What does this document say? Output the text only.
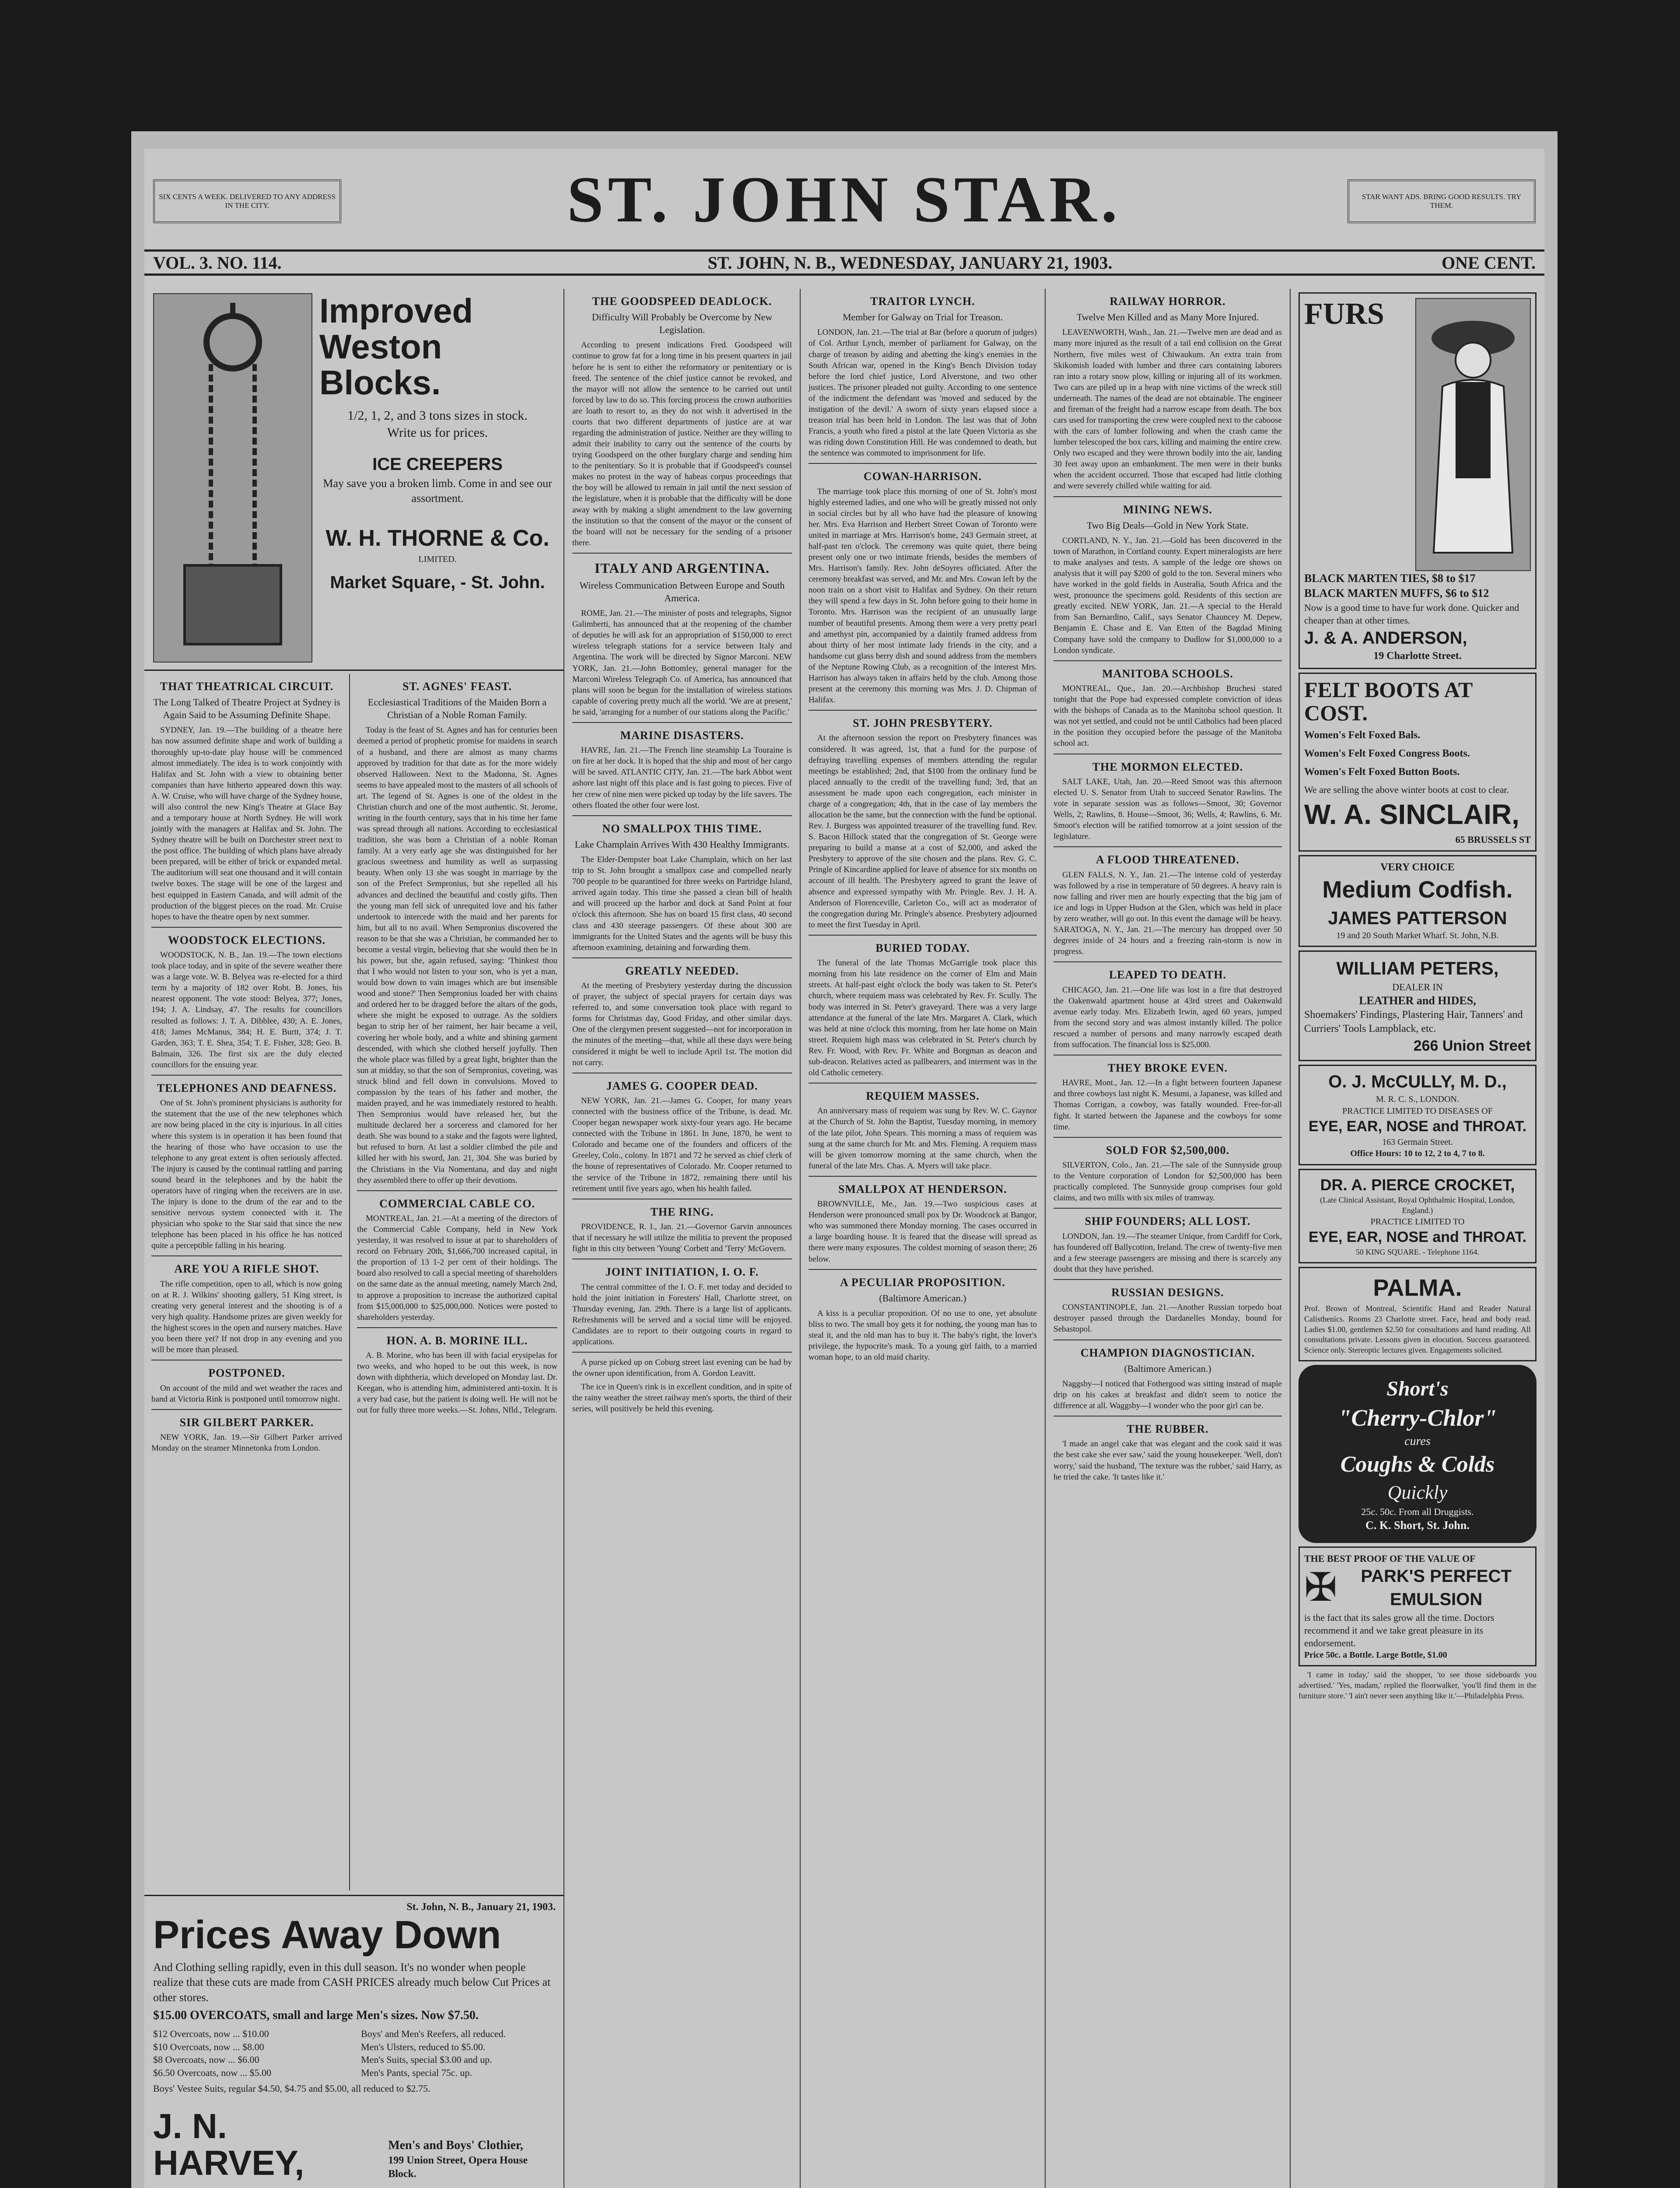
SIX CENTS A WEEK. DELIVERED TO ANY ADDRESS IN THE CITY.	ST. JOHN STAR.	STAR WANT ADS. BRING GOOD RESULTS. TRY THEM.
VOL. 3. NO. 114.	ST. JOHN, N. B., WEDNESDAY, JANUARY 21, 1903.	ONE CENT.
Improved Weston Blocks.
1/2, 1, 2, and 3 tons sizes in stock.
Write us for prices.
ICE CREEPERS
May save you a broken limb. Come in and see our assortment.
W. H. THORNE & Co.
LIMITED.
Market Square, - St. John.
THAT THEATRICAL CIRCUIT.
The Long Talked of Theatre Project at Sydney is Again Said to be Assuming Definite Shape.

SYDNEY, Jan. 19.—The building of a theatre here has now assumed definite shape and work of building a thoroughly up-to-date play house will be commenced almost immediately. The idea is to work conjointly with Halifax and St. John with a view to obtaining better companies than have hitherto appeared down this way. A. W. Cruise, who will have charge of the Sydney house, will also control the new King's Theatre at Glace Bay and a temporary house at North Sydney. He will work jointly with the managers at Halifax and St. John. The Sydney theatre will be built on Dorchester street next to the post office. The building of which plans have already been prepared, will be either of brick or expanded metal. The auditorium will seat one thousand and it will contain twelve boxes. The stage will be one of the largest and best equipped in Eastern Canada, and will admit of the production of the biggest pieces on the road. Mr. Cruise hopes to have the theatre open by next summer.

WOODSTOCK ELECTIONS.

WOODSTOCK, N. B., Jan. 19.—The town elections took place today, and in spite of the severe weather there was a large vote. W. B. Belyea was re-elected for a third term by a majority of 182 over Robt. B. Jones, his nearest opponent. The vote stood: Belyea, 377; Jones, 194; J. A. Lindsay, 47. The results for councillors resulted as follows: J. T. A. Dibblee, 430; A. E. Jones, 418; James McManus, 384; H. E. Burtt, 374; J. T. Garden, 363; T. E. Shea, 354; T. E. Fisher, 328; Geo. B. Balmain, 326. The first six are the duly elected councillors for the ensuing year.

TELEPHONES AND DEAFNESS.

One of St. John's prominent physicians is authority for the statement that the use of the new telephones which are now being placed in the city is injurious. In all cities where this system is in operation it has been found that the hearing of those who have occasion to use the telephone to any great extent is often seriously affected. The injury is caused by the continual rattling and parring sound heard in the telephones and by the habit the operators have of ringing when the receivers are in use. The injury is done to the drum of the ear and to the sensitive nervous system connected with it. The physician who spoke to the Star said that since the new telephone has been placed in his office he has noticed quite a perceptible falling in his hearing.

ARE YOU A RIFLE SHOT.

The rifle competition, open to all, which is now going on at R. J. Wilkins' shooting gallery, 51 King street, is creating very general interest and the shooting is of a very high quality. Handsome prizes are given weekly for the highest scores in the open and nursery matches. Have you been there yet? If not drop in any evening and you will be more than pleased.

POSTPONED.

On account of the mild and wet weather the races and band at Victoria Rink is postponed until tomorrow night.

SIR GILBERT PARKER.

NEW YORK, Jan. 19.—Sir Gilbert Parker arrived Monday on the steamer Minnetonka from London.

ST. AGNES' FEAST.
Ecclesiastical Traditions of the Maiden Born a Christian of a Noble Roman Family.

Today is the feast of St. Agnes and has for centuries been deemed a period of prophetic promise for maidens in search of a husband, and there are almost as many charms approved by tradition for that date as for the more widely observed Halloween. Next to the Madonna, St. Agnes seems to have appealed most to the masters of all schools of art. The legend of St. Agnes is one of the oldest in the Christian church and one of the most authentic. St. Jerome, writing in the fourth century, says that in his time her fame was spread through all nations. According to ecclesiastical tradition, she was born a Christian of a noble Roman family. At a very early age she was distinguished for her gracious sweetness and humility as well as surpassing beauty. When only 13 she was sought in marriage by the son of the Prefect Sempronius, but she repelled all his advances and declined the beautiful and costly gifts. Then the young man fell sick of unrequited love and his father undertook to intercede with the maid and her parents for him, but all to no avail. When Sempronius discovered the reason to be that she was a Christian, he commanded her to become a vestal virgin, believing that she would then be in his power, but she, again refused, saying: 'Thinkest thou that I who would not listen to your son, who is yet a man, would bow down to vain images which are but insensible wood and stone?' Then Sempronius loaded her with chains and ordered her to be dragged before the altars of the gods, where she might be exposed to outrage. As the soldiers began to strip her of her raiment, her hair became a veil, covering her whole body, and a white and shining garment descended, with which she clothed herself joyfully. Then the whole place was filled by a great light, brighter than the sun at midday, so that the son of Sempronius, coveting, was struck blind and fell down in convulsions. Moved to compassion by the tears of his father and mother, the maiden prayed, and he was immediately restored to health. Then Sempronius would have released her, but the multitude declared her a sorceress and clamored for her death. She was bound to a stake and the fagots were lighted, but refused to burn. At last a soldier climbed the pile and killed her with his sword, Jan. 21, 304. She was buried by the Christians in the Via Nomentana, and day and night they assembled there to offer up their devotions.

COMMERCIAL CABLE CO.

MONTREAL, Jan. 21.—At a meeting of the directors of the Commercial Cable Company, held in New York yesterday, it was resolved to issue at par to shareholders of record on February 20th, $1,666,700 increased capital, in the proportion of 13 1-2 per cent of their holdings. The board also resolved to call a special meeting of shareholders on the same date as the annual meeting, namely March 2nd, to approve a proposition to increase the authorized capital from $15,000,000 to $25,000,000. Notices were posted to shareholders yesterday.

HON. A. B. MORINE ILL.

A. B. Morine, who has been ill with facial erysipelas for two weeks, and who hoped to be out this week, is now down with diphtheria, which developed on Monday last. Dr. Keegan, who is attending him, administered anti-toxin. It is a very bad case, but the patient is doing well. He will not be out for fully three more weeks.—St. Johns, Nfld., Telegram.

St. John, N. B., January 21, 1903.
Prices Away Down
And Clothing selling rapidly, even in this dull season. It's no wonder when people realize that these cuts are made from CASH PRICES already much below Cut Prices at other stores.
$15.00 OVERCOATS, small and large Men's sizes. Now $7.50.
$12 Overcoats, now ... $10.00	Boys' and Men's Reefers, all reduced.
$10 Overcoats, now ... $8.00	Men's Ulsters, reduced to $5.00.
$8 Overcoats, now ... $6.00	Men's Suits, special $3.00 and up.
$6.50 Overcoats, now ... $5.00	Men's Pants, special 75c. up.
Boys' Vestee Suits, regular $4.50, $4.75 and $5.00, all reduced to $2.75.
J. N. HARVEY,	Men's and Boys' Clothier,
199 Union Street, Opera House Block.
THE GOODSPEED DEADLOCK.
Difficulty Will Probably be Overcome by New Legislation.

According to present indications Fred. Goodspeed will continue to grow fat for a long time in his present quarters in jail before he is sent to either the reformatory or penitentiary or is freed. The sentence of the chief justice cannot be revoked, and the mayor will not allow the sentence to be carried out until forced by law to do so. This forcing process the crown authorities are loath to resort to, as they do not wish it advertised in the courts that two different departments of justice are at war regarding the administration of justice. Neither are they willing to admit their inability to carry out the sentence of the courts by trying Goodspeed on the other burglary charge and sending him to the penitentiary. So it is probable that if Goodspeed's counsel makes no protest in the way of habeas corpus proceedings that the boy will be allowed to remain in jail until the next session of the legislature, when it is probable that the difficulty will be done away with by making a slight amendment to the law governing the institution so that the consent of the mayor or the consent of the board will not be necessary for the sending of a prisoner there.

ITALY AND ARGENTINA.
Wireless Communication Between Europe and South America.

ROME, Jan. 21.—The minister of posts and telegraphs, Signor Galimberti, has announced that at the reopening of the chamber of deputies he will ask for an appropriation of $150,000 to erect wireless telegraph stations for a service between Italy and Argentina. The work will be directed by Signor Marconi. NEW YORK, Jan. 21.—John Bottomley, general manager for the Marconi Wireless Telegraph Co. of America, has announced that plans will soon be begun for the installation of wireless stations capable of covering pretty much all the world. 'We are at present,' he said, 'arranging for a number of our stations along the Pacific.'

MARINE DISASTERS.

HAVRE, Jan. 21.—The French line steamship La Touraine is on fire at her dock. It is hoped that the ship and most of her cargo will be saved. ATLANTIC CITY, Jan. 21.—The bark Abbot went ashore last night off this place and is fast going to pieces. Five of her crew of nine men were picked up today by the life savers. The others floated the other four were lost.

NO SMALLPOX THIS TIME.
Lake Champlain Arrives With 430 Healthy Immigrants.

The Elder-Dempster boat Lake Champlain, which on her last trip to St. John brought a smallpox case and compelled nearly 700 people to be quarantined for three weeks on Partridge Island, arrived again today. This time she passed a clean bill of health and will proceed up the harbor and dock at Sand Point at four o'clock this afternoon. She has on board 15 first class, 40 second class and 430 steerage passengers. Of these about 300 are immigrants for the United States and the agents will be busy this afternoon examining, detaining and forwarding them.

GREATLY NEEDED.

At the meeting of Presbytery yesterday during the discussion of prayer, the subject of special prayers for certain days was referred to, and some conversation took place with regard to forms for Christmas day, Good Friday, and other similar days. One of the clergymen present suggested—not for incorporation in the minutes of the meeting—that, while all these days were being considered it might be well to include April 1st. The motion did not carry.

JAMES G. COOPER DEAD.

NEW YORK, Jan. 21.—James G. Cooper, for many years connected with the business office of the Tribune, is dead. Mr. Cooper began newspaper work sixty-four years ago. He became connected with the Tribune in 1861. In June, 1870, he went to Colorado and became one of the founders and officers of the Greeley, Colo., colony. In 1871 and 72 he served as chief clerk of the house of representatives of Colorado. Mr. Cooper returned to the service of the Tribune in 1872, remaining there until his retirement until five years ago, when his health failed.

THE RING.

PROVIDENCE, R. I., Jan. 21.—Governor Garvin announces that if necessary he will utilize the militia to prevent the proposed fight in this city between 'Young' Corbett and 'Terry' McGovern.

JOINT INITIATION, I. O. F.

The central committee of the I. O. F. met today and decided to hold the joint initiation in Foresters' Hall, Charlotte street, on Thursday evening, Jan. 29th. There is a large list of applicants. Refreshments will be served and a social time will be enjoyed. Candidates are to report to their outgoing courts in regard to applications.

A purse picked up on Coburg street last evening can be had by the owner upon identification, from A. Gordon Leavitt.

The ice in Queen's rink is in excellent condition, and in spite of the rainy weather the street railway men's sports, the third of their series, will positively be held this evening.

TRAITOR LYNCH.
Member for Galway on Trial for Treason.

LONDON, Jan. 21.—The trial at Bar (before a quorum of judges) of Col. Arthur Lynch, member of parliament for Galway, on the charge of treason by aiding and abetting the king's enemies in the South African war, opened in the King's Bench Division today before the lord chief justice, Lord Alverstone, and two other justices. The prisoner pleaded not guilty. According to one sentence of the indictment the defendant was 'moved and seduced by the instigation of the devil.' A sworn of sixty years elapsed since a treason trial has been held in London. The last was that of John Francis, a youth who fired a pistol at the late Queen Victoria as she was riding down Constitution Hill. He was condemned to death, but the sentence was commuted to imprisonment for life.

COWAN-HARRISON.

The marriage took place this morning of one of St. John's most highly esteemed ladies, and one who will be greatly missed not only in social circles but by all who have had the pleasure of knowing her. Mrs. Eva Harrison and Herbert Street Cowan of Toronto were united in marriage at Mrs. Harrison's home, 243 Germain street, at half-past ten o'clock. The ceremony was quite quiet, there being present only one or two intimate friends, besides the members of Mrs. Harrison's family. Rev. John deSoyres officiated. After the ceremony breakfast was served, and Mr. and Mrs. Cowan left by the noon train on a short visit to Halifax and Sydney. On their return they will spend a few days in St. John before going to their home in Toronto. Mrs. Harrison was the recipient of an unusually large number of beautiful presents. Among them were a very pretty pearl and amethyst pin, accompanied by a daintily framed address from about thirty of her most intimate lady friends in the city, and a handsome cut glass berry dish and sound address from the members of the Neptune Rowing Club, as a recognition of the interest Mrs. Harrison has always taken in affairs held by the club. Among those present at the ceremony this morning was Mrs. J. D. Chipman of Halifax.

ST. JOHN PRESBYTERY.

At the afternoon session the report on Presbytery finances was considered. It was agreed, 1st, that a fund for the purpose of defraying travelling expenses of members attending the regular meetings be established; 2nd, that $100 from the ordinary fund be placed annually to the credit of the travelling fund; 3rd, that an assessment be made upon each congregation, each minister in charge of a congregation; 4th, that in the case of lay members the allocation be the same, but the connection with the fund be optional. Rev. J. Burgess was appointed treasurer of the travelling fund. Rev. S. Bacon Hillock stated that the congregation of St. George were preparing to build a manse at a cost of $2,000, and asked the Presbytery to approve of the site chosen and the plans. Rev. G. C. Pringle of Kincardine applied for leave of absence for six months on account of ill health. The Presbytery agreed to grant the leave of absence and expressed sympathy with Mr. Pringle. Rev. J. H. A. Anderson of Florenceville, Carleton Co., will act as moderator of the congregation during Mr. Pringle's absence. Presbytery adjourned to meet the first Tuesday in April.

BURIED TODAY.

The funeral of the late Thomas McGarrigle took place this morning from his late residence on the corner of Elm and Main streets. At half-past eight o'clock the body was taken to St. Peter's church, where requiem mass was celebrated by Rev. Fr. Scully. The body was interred in St. Peter's graveyard. There was a very large attendance at the funeral of the late Mrs. Margaret A. Clark, which was held at nine o'clock this morning, from her late home on Main street. Requiem high mass was celebrated in St. Peter's church by Rev. Fr. Wood, with Rev. Fr. White and Borgman as deacon and sub-deacon. Relatives acted as pallbearers, and interment was in the old Catholic cemetery.

REQUIEM MASSES.

An anniversary mass of requiem was sung by Rev. W. C. Gaynor at the Church of St. John the Baptist, Tuesday morning, in memory of the late pilot, John Spears. This morning a mass of requiem was sung at the same church for Mr. and Mrs. Fleming. A requiem mass will be given tomorrow morning at the same church, when the funeral of the late Mrs. Chas. A. Myers will take place.

SMALLPOX AT HENDERSON.

BROWNVILLE, Me., Jan. 19.—Two suspicious cases at Henderson were pronounced small pox by Dr. Woodcock at Bangor, who was summoned there Monday morning. The cases occurred in a large boarding house. It is feared that the disease will spread as there were many exposures. The coldest morning of season there; 26 below.

A PECULIAR PROPOSITION.
(Baltimore American.)

A kiss is a peculiar proposition. Of no use to one, yet absolute bliss to two. The small boy gets it for nothing, the young man has to steal it, and the old man has to buy it. The baby's right, the lover's privilege, the hypocrite's mask. To a young girl faith, to a married woman hope, to an old maid charity.

RAILWAY HORROR.
Twelve Men Killed and as Many More Injured.

LEAVENWORTH, Wash., Jan. 21.—Twelve men are dead and as many more injured as the result of a tail end collision on the Great Northern, five miles west of Chiwaukum. An extra train from Skikomish loaded with lumber and three cars containing laborers ran into a rotary snow plow, killing or injuring all of its workmen. Two cars are piled up in a heap with nine victims of the wreck still underneath. The names of the dead are not obtainable. The engineer and fireman of the freight had a narrow escape from death. The box cars used for transporting the crew were coupled next to the caboose with the cars of lumber following and when the crash came the lumber telescoped the box cars, killing and maiming the entire crew. Only two escaped and they were thrown bodily into the air, landing 30 feet away upon an embankment. The men were in their bunks when the accident occurred. Those that escaped had little clothing and were severely chilled while waiting for aid.

MINING NEWS.
Two Big Deals—Gold in New York State.

CORTLAND, N. Y., Jan. 21.—Gold has been discovered in the town of Marathon, in Cortland county. Expert mineralogists are here to make analyses and tests. A sample of the ledge ore shows on analysis that it will pay $200 of gold to the ton. Several miners who have worked in the gold fields in Australia, South Africa and the west, pronounce the specimens gold. Residents of this section are greatly excited. NEW YORK, Jan. 21.—A special to the Herald from San Bernardino, Calif., says Senator Chauncey M. Depew, Benjamin E. Chase and E. Van Etten of the Bagdad Mining Company have sold the company to Dudlow for $1,000,000 to a London syndicate.

MANITOBA SCHOOLS.

MONTREAL, Que., Jan. 20.—Archbishop Bruchesi stated tonight that the Pope had expressed complete conviction of ideas with the bishops of Canada as to the Manitoba school question. It was not yet settled, and could not be until Catholics had been placed in the position they occupied before the passage of the Manitoba school act.

THE MORMON ELECTED.

SALT LAKE, Utah, Jan. 20.—Reed Smoot was this afternoon elected U. S. Senator from Utah to succeed Senator Rawlins. The vote in separate session was as follows—Smoot, 30; Governor Wells, 2; Rawlins, 8. House—Smoot, 36; Wells, 4; Rawlins, 6. Mr. Smoot's election will be ratified tomorrow at a joint session of the legislature.

A FLOOD THREATENED.

GLEN FALLS, N. Y., Jan. 21.—The intense cold of yesterday was followed by a rise in temperature of 50 degrees. A heavy rain is now falling and river men are hourly expecting that the big jam of ice and logs in Upper Hudson at the Glen, which was held in place by zero weather, will go out. In this event the damage will be heavy. SARATOGA, N. Y., Jan. 21.—The mercury has dropped over 50 degrees inside of 24 hours and a freezing rain-storm is now in progress.

LEAPED TO DEATH.

CHICAGO, Jan. 21.—One life was lost in a fire that destroyed the Oakenwald apartment house at 43rd street and Oakenwald avenue early today. Mrs. Elizabeth Irwin, aged 60 years, jumped from the second story and was almost instantly killed. The police rescued a number of persons and many narrowly escaped death from suffocation. The financial loss is $25,000.

THEY BROKE EVEN.

HAVRE, Mont., Jan. 12.—In a fight between fourteen Japanese and three cowboys last night K. Mesumi, a Japanese, was killed and Thomas Corrigan, a cowboy, was fatally wounded. Free-for-all fight. It started between the Japanese and the cowboys for some time.

SOLD FOR $2,500,000.

SILVERTON, Colo., Jan. 21.—The sale of the Sunnyside group to the Venture corporation of London for $2,500,000 has been practically completed. The Sunnyside group comprises four gold claims, and two mills with six miles of tramway.

SHIP FOUNDERS; ALL LOST.

LONDON, Jan. 19.—The steamer Unique, from Cardiff for Cork, has foundered off Ballycotton, Ireland. The crew of twenty-five men and a few steerage passengers are missing and there is scarcely any doubt that they have perished.

RUSSIAN DESIGNS.

CONSTANTINOPLE, Jan. 21.—Another Russian torpedo boat destroyer passed through the Dardanelles Monday, bound for Sebastopol.

CHAMPION DIAGNOSTICIAN.
(Baltimore American.)

Naggsby—I noticed that Fothergood was sitting instead of maple drip on his cakes at breakfast and didn't seem to notice the difference at all. Waggsby—I wonder who the poor girl can be.

THE RUBBER.

'I made an angel cake that was elegant and the cook said it was the best cake she ever saw,' said the young housekeeper. 'Well, don't worry,' said the husband, 'The texture was the rubber,' said Harry, as he tried the cake. 'It tastes like it.'

FURS
BLACK MARTEN TIES, $8 to $17
BLACK MARTEN MUFFS, $6 to $12
Now is a good time to have fur work done. Quicker and cheaper than at other times.
J. & A. ANDERSON,
19 Charlotte Street.
FELT BOOTS AT COST.
Women's Felt Foxed Bals.
Women's Felt Foxed Congress Boots.
Women's Felt Foxed Button Boots.
We are selling the above winter boots at cost to clear.
W. A. SINCLAIR,
65 BRUSSELS ST
VERY CHOICE
Medium Codfish.
JAMES PATTERSON
19 and 20 South Market Wharf. St. John, N.B.
WILLIAM PETERS,
DEALER IN
LEATHER and HIDES,
Shoemakers' Findings, Plastering Hair, Tanners' and Curriers' Tools Lampblack, etc.
266 Union Street
O. J. McCULLY, M. D.,
M. R. C. S., LONDON.
PRACTICE LIMITED TO DISEASES OF
EYE, EAR, NOSE and THROAT.
163 Germain Street.
Office Hours: 10 to 12, 2 to 4, 7 to 8.
DR. A. PIERCE CROCKET,
(Late Clinical Assistant, Royal Ophthalmic Hospital, London, England.)
PRACTICE LIMITED TO
EYE, EAR, NOSE and THROAT.
50 KING SQUARE. - Telephone 1164.
PALMA.
Prof. Brown of Montreal, Scientific Hand and Reader Natural Calisthenics. Rooms 23 Charlotte street. Face, head and body read. Ladies $1.00, gentlemen $2.50 for consultations and hand reading. All consultations private. Lessons given in elocution. Success guaranteed. Science only. Stereoptic lectures given. Engagements solicited.
Short's
"Cherry-Chlor"
cures
Coughs & Colds
Quickly
25c. 50c. From all Druggists.
C. K. Short, St. John.
THE BEST PROOF OF THE VALUE OF
✠	PARK'S PERFECT EMULSION
is the fact that its sales grow all the time. Doctors recommend it and we take great pleasure in its endorsement.
Price 50c. a Bottle. Large Bottle, $1.00

'I came in today,' said the shopper, 'to see those sideboards you advertised.' 'Yes, madam,' replied the floorwalker, 'you'll find them in the furniture store.' 'I ain't never seen anything like it.'—Philadelphia Press.
